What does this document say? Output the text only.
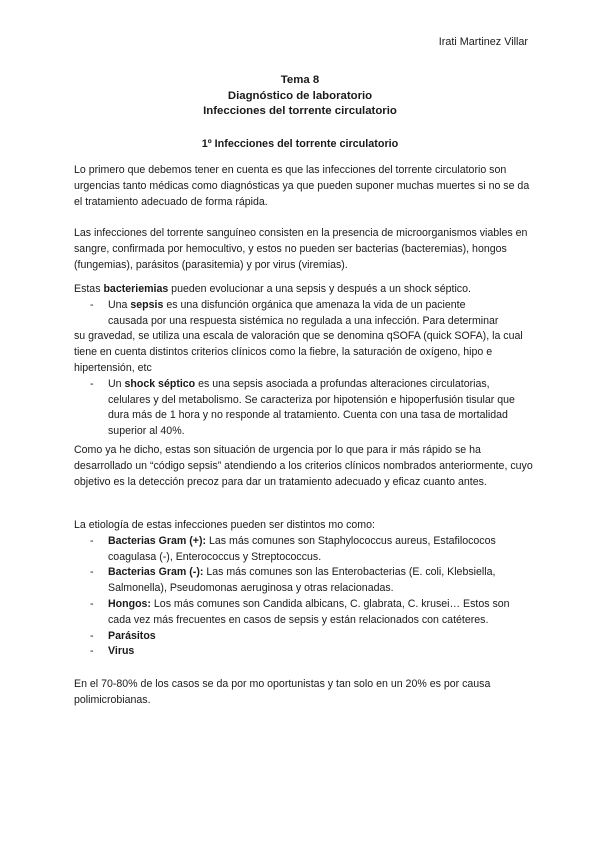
Irati Martinez Villar
Tema 8
Diagnóstico de laboratorio
Infecciones del torrente circulatorio
1º Infecciones del torrente circulatorio

Lo primero que debemos tener en cuenta es que las infecciones del torrente circulatorio son urgencias tanto médicas como diagnósticas ya que pueden suponer muchas muertes si no se da el tratamiento adecuado de forma rápida.

Las infecciones del torrente sanguíneo consisten en la presencia de microorganismos viables en sangre, confirmada por hemocultivo, y estos no pueden ser bacterias (bacteremias), hongos (fungemias), parásitos (parasitemia) y por virus (viremias).

Estas bacteriemias pueden evolucionar a una sepsis y después a un shock séptico.

- Una sepsis es una disfunción orgánica que amenaza la vida de un paciente
causada por una respuesta sistémica no regulada a una infección. Para determinar
su gravedad, se utiliza una escala de valoración que se denomina qSOFA (quick SOFA), la cual tiene en cuenta distintos criterios clínicos como la fiebre, la saturación de oxígeno, hipo e hipertensión, etc
- Un shock séptico es una sepsis asociada a profundas alteraciones circulatorias, celulares y del metabolismo. Se caracteriza por hipotensión e hipoperfusión tisular que dura más de 1 hora y no responde al tratamiento. Cuenta con una tasa de mortalidad superior al 40%.

Como ya he dicho, estas son situación de urgencia por lo que para ir más rápido se ha desarrollado un “código sepsis” atendiendo a los criterios clínicos nombrados anteriormente, cuyo objetivo es la detección precoz para dar un tratamiento adecuado y eficaz cuanto antes.

La etiología de estas infecciones pueden ser distintos mo como:

- Bacterias Gram (+): Las más comunes son Staphylococcus aureus, Estafilococos coagulasa (-), Enterococcus y Streptococcus.
- Bacterias Gram (-): Las más comunes son las Enterobacterias (E. coli, Klebsiella, Salmonella), Pseudomonas aeruginosa y otras relacionadas.
- Hongos: Los más comunes son Candida albicans, C. glabrata, C. krusei… Estos son cada vez más frecuentes en casos de sepsis y están relacionados con catéteres.
- Parásitos
- Virus

En el 70-80% de los casos se da por mo oportunistas y tan solo en un 20% es por causa polimicrobianas.
